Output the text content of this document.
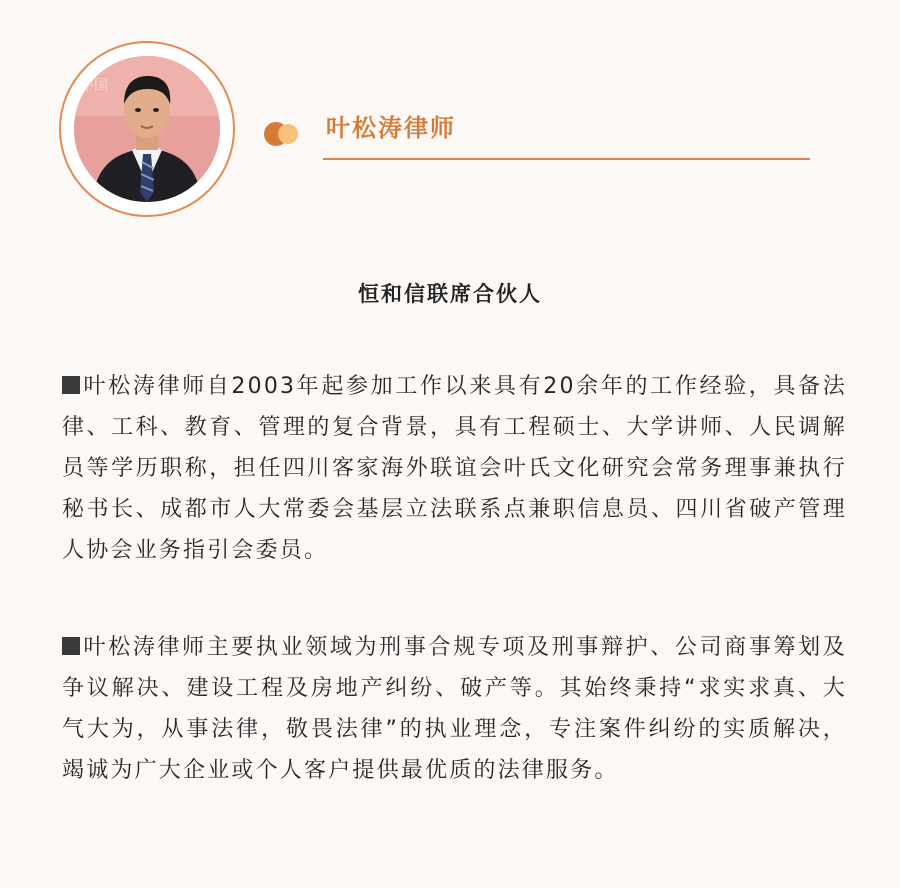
中国
叶松涛律师
恒和信联席合伙人

叶松涛律师自2003年起参加工作以来具有20余年的工作经验，具备法律、工科、教育、管理的复合背景，具有工程硕士、大学讲师、人民调解员等学历职称，担任四川客家海外联谊会叶氏文化研究会常务理事兼执行秘书长、成都市人大常委会基层立法联系点兼职信息员、四川省破产管理人协会业务指引会委员。

叶松涛律师主要执业领域为刑事合规专项及刑事辩护、公司商事筹划及争议解决、建设工程及房地产纠纷、破产等。其始终秉持“求实求真、大气大为，从事法律，敬畏法律”的执业理念，专注案件纠纷的实质解决，竭诚为广大企业或个人客户提供最优质的法律服务。
